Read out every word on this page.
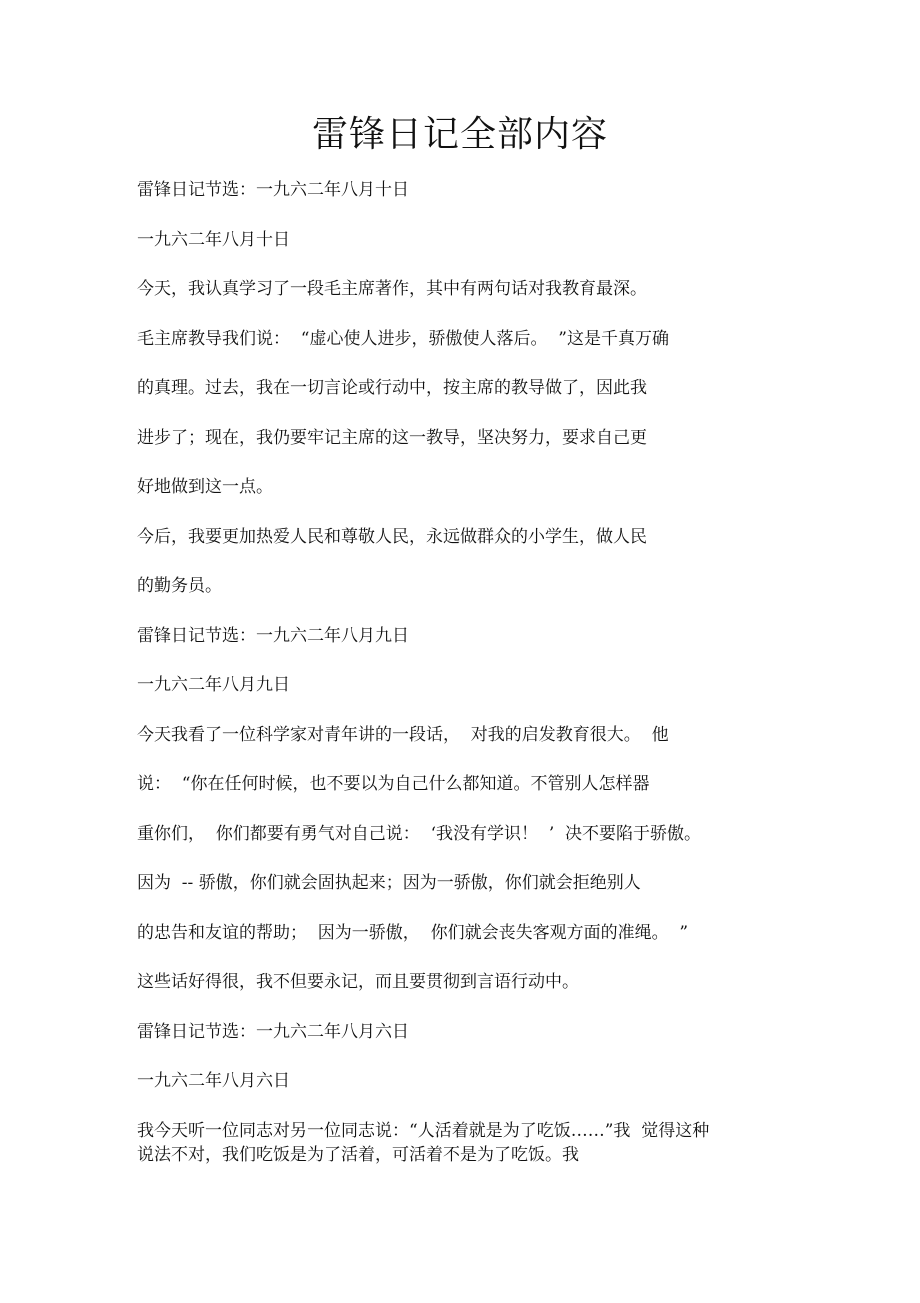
雷锋日记全部内容

雷锋日记节选：一九六二年八月十日

一九六二年八月十日

今天，我认真学习了一段毛主席著作，其中有两句话对我教育最深。

毛主席教导我们说：  “虚心使人进步，骄傲使人落后。  ”这是千真万确

的真理。过去，我在一切言论或行动中，按主席的教导做了，因此我

进步了；现在，我仍要牢记主席的这一教导，坚决努力，要求自己更

好地做到这一点。

今后，我要更加热爱人民和尊敬人民，永远做群众的小学生，做人民

的勤务员。

雷锋日记节选：一九六二年八月九日

一九六二年八月九日

今天我看了一位科学家对青年讲的一段话，  对我的启发教育很大。  他

说：  “你在任何时候，也不要以为自己什么都知道。不管别人怎样器

重你们，  你们都要有勇气对自己说：  ‘我没有学识！  ’  决不要陷于骄傲。

因为  -- 骄傲，你们就会固执起来；因为一骄傲，你们就会拒绝别人

的忠告和友谊的帮助；  因为一骄傲，  你们就会丧失客观方面的准绳。  ”

这些话好得很，我不但要永记，而且要贯彻到言语行动中。

雷锋日记节选：一九六二年八月六日

一九六二年八月六日

我今天听一位同志对另一位同志说：“人活着就是为了吃饭……”我  觉得这种

说法不对，我们吃饭是为了活着，可活着不是为了吃饭。我
